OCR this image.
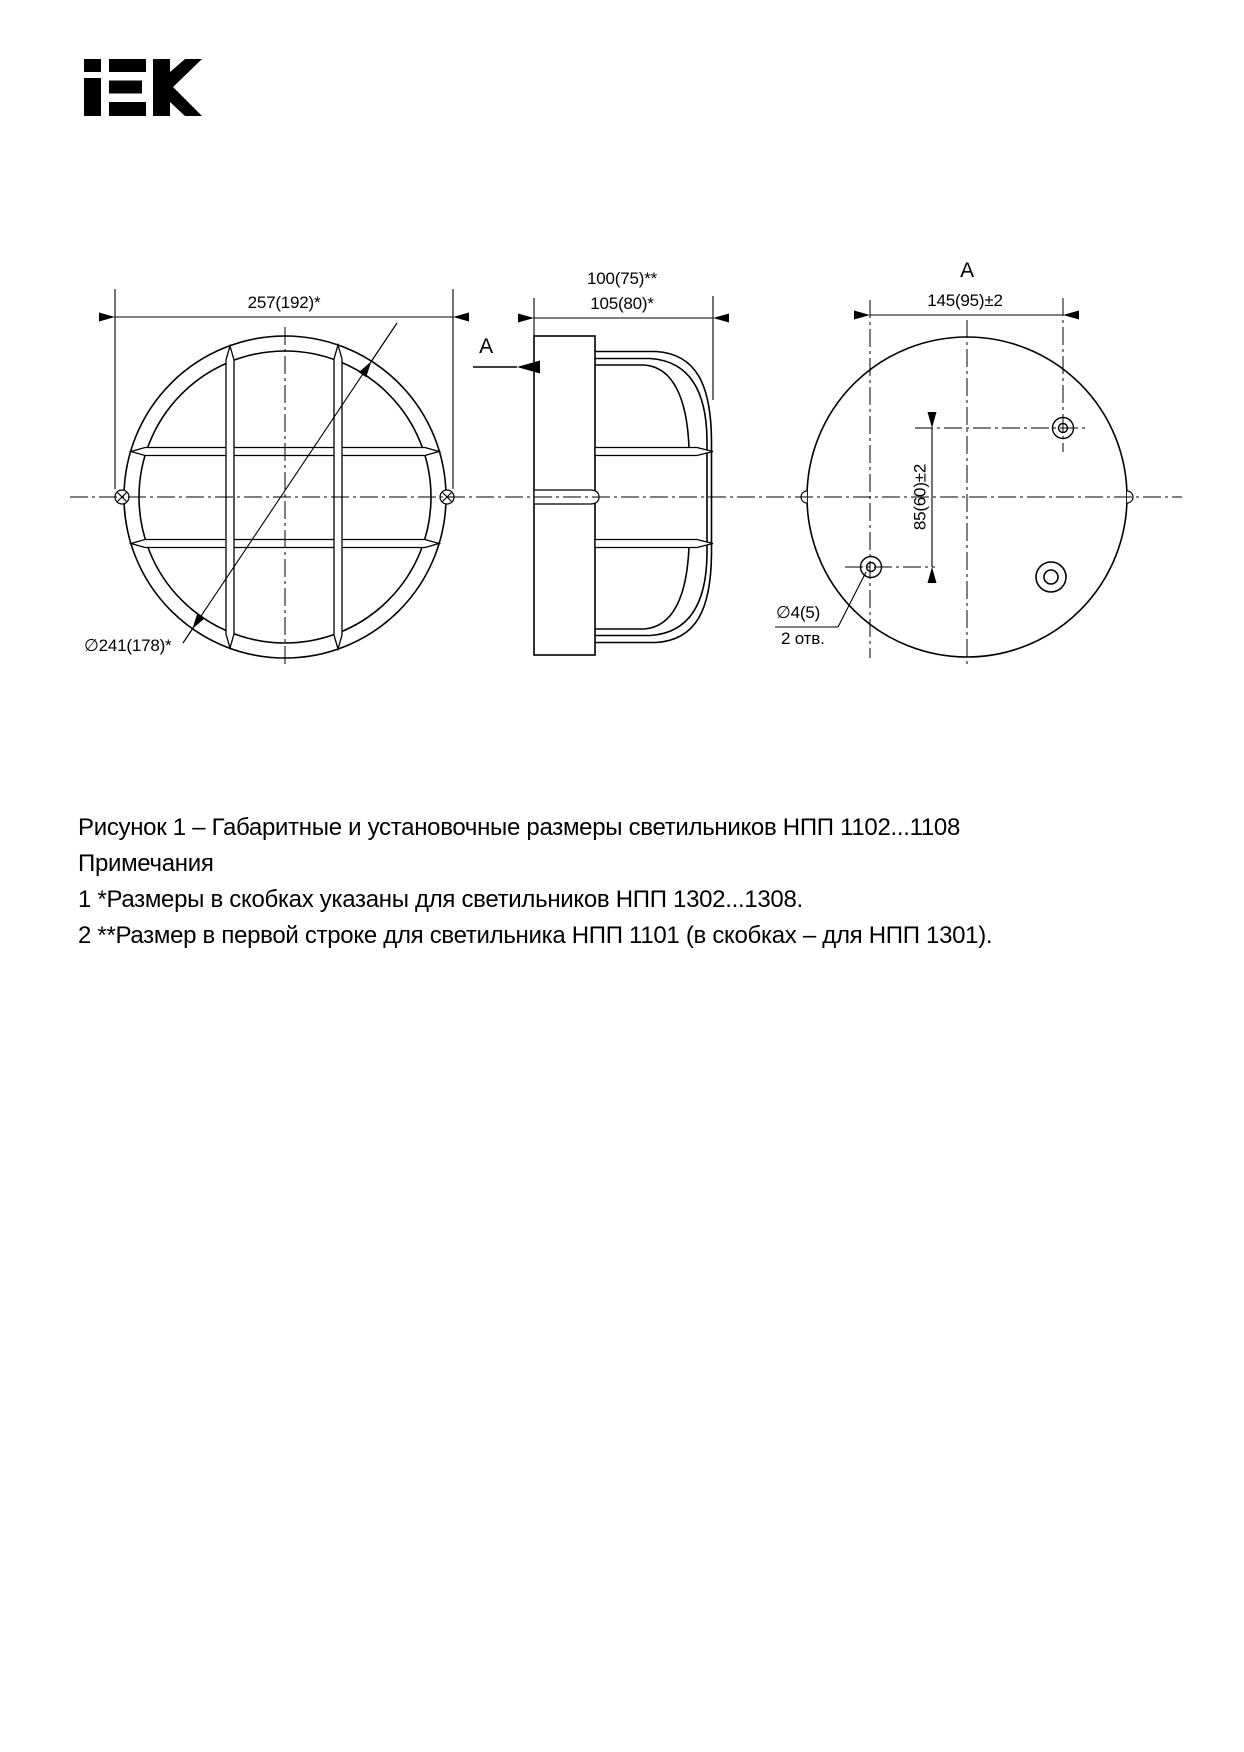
257(192)*
∅241(178)*
100(75)**
105(80)*
А
А
145(95)±2
85(60)±2
∅4(5)
2 отв.

Рисунок 1 – Габаритные и установочные размеры светильников НПП 1102...1108

Примечания

1 *Размеры в скобках указаны для светильников НПП 1302...1308.

2 **Размер в первой строке для светильника НПП 1101 (в скобках – для НПП 1301).
